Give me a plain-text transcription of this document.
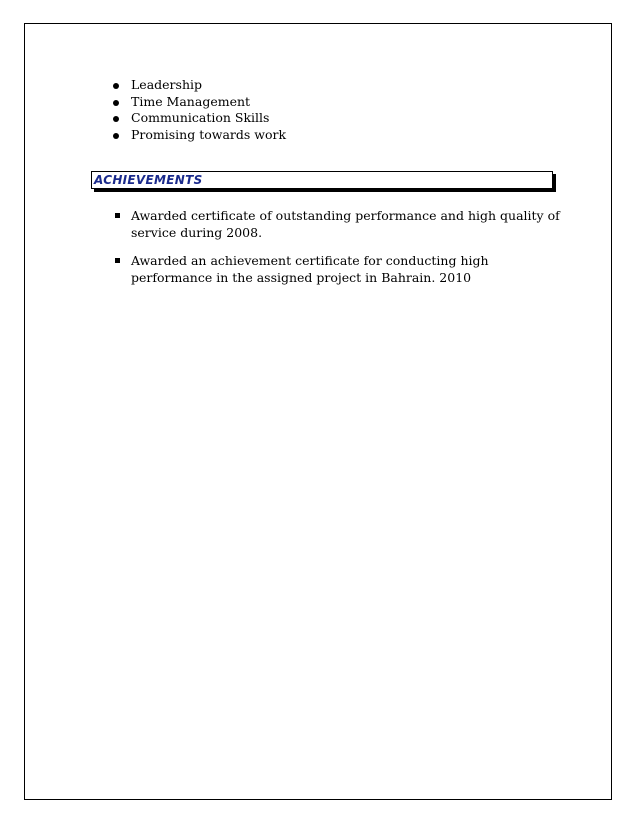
Leadership
Time Management
Communication Skills
Promising towards work
ACHIEVEMENTS
Awarded certificate of outstanding performance and high quality of service during 2008.
Awarded an achievement certificate for conducting high performance in the assigned project in Bahrain. 2010
